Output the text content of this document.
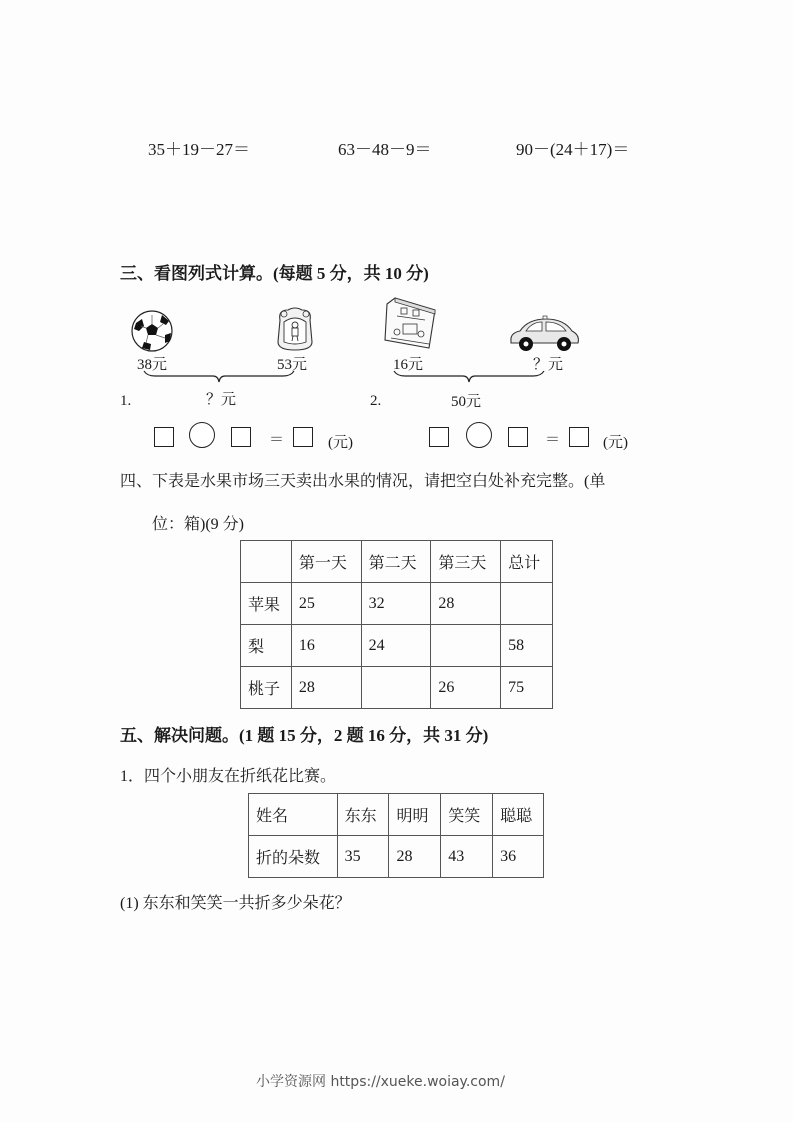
35＋19－27＝	63－48－9＝	90－(24＋17)＝
三、看图列式计算。(每题 5 分，共 10 分)
38元	53元
1.	？元
＝	(元)
16元	？元
2.	50元
＝	(元)
四、下表是水果市场三天卖出水果的情况，请把空白处补充完整。(单
位：箱)(9 分)
	第一天	第二天	第三天	总计
苹果	25	32	28	
梨	16	24		58
桃子	28		26	75
五、解决问题。(1 题 15 分，2 题 16 分，共 31 分)
1．四个小朋友在折纸花比赛。
姓名	东东	明明	笑笑	聪聪
折的朵数	35	28	43	36
(1) 东东和笑笑一共折多少朵花？
小学资源网 https://xueke.woiay.com/
